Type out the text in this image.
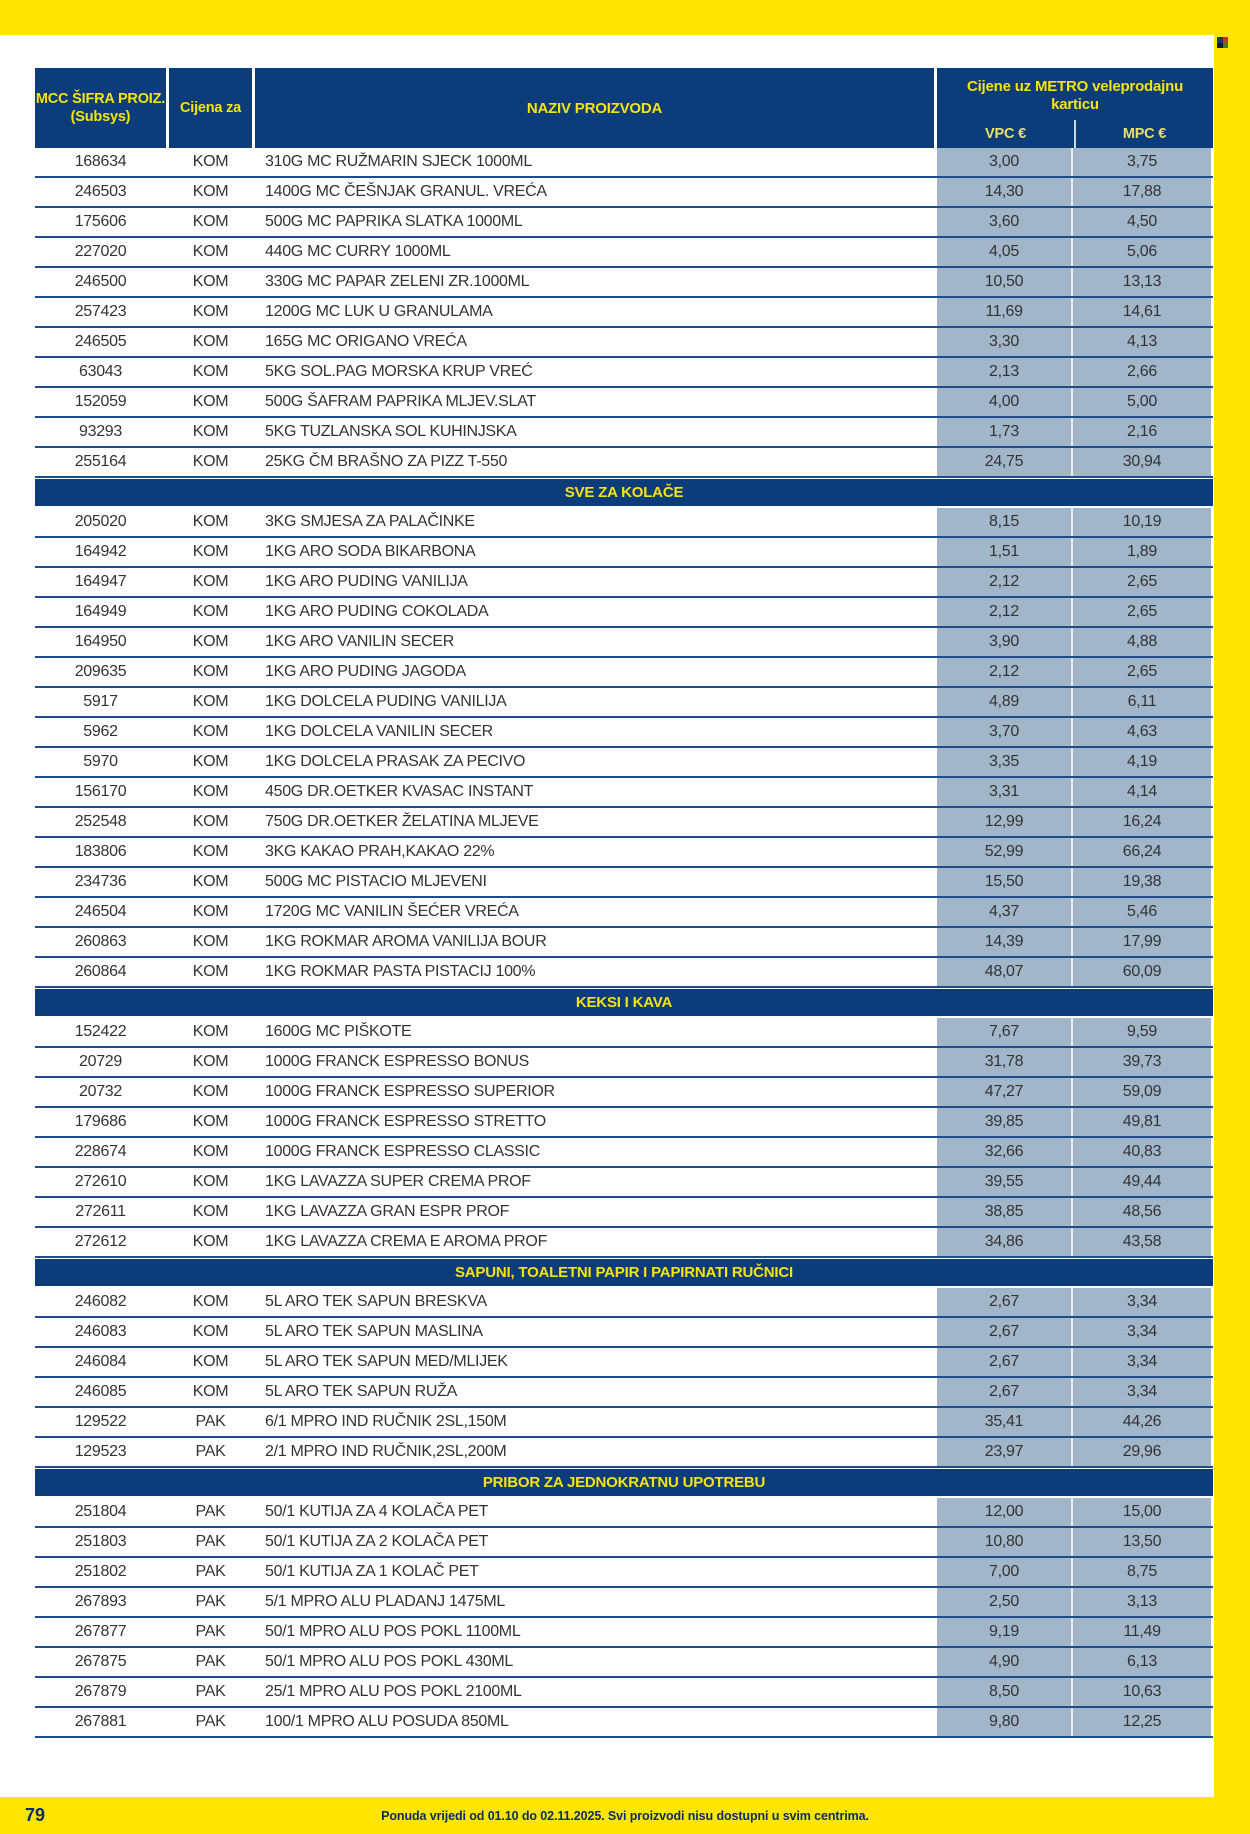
MCC ŠIFRA PROIZ.
(Subsys)
Cijena za	NAZIV PROIZVODA
Cijene uz METRO veleprodajnu karticu
VPC €	MPC €
168634	KOM	310G MC RUŽMARIN SJECK 1000ML	3,00	3,75
246503	KOM	1400G MC ČEŠNJAK GRANUL. VREĆA	14,30	17,88
175606	KOM	500G MC PAPRIKA SLATKA 1000ML	3,60	4,50
227020	KOM	440G MC CURRY 1000ML	4,05	5,06
246500	KOM	330G MC PAPAR ZELENI ZR.1000ML	10,50	13,13
257423	KOM	1200G MC LUK U GRANULAMA	11,69	14,61
246505	KOM	165G MC ORIGANO VREĆA	3,30	4,13
63043	KOM	5KG SOL.PAG MORSKA KRUP VREĆ	2,13	2,66
152059	KOM	500G ŠAFRAM PAPRIKA MLJEV.SLAT	4,00	5,00
93293	KOM	5KG TUZLANSKA SOL KUHINJSKA	1,73	2,16
255164	KOM	25KG ČM BRAŠNO ZA PIZZ T-550	24,75	30,94
SVE ZA KOLAČE
205020	KOM	3KG SMJESA ZA PALAČINKE	8,15	10,19
164942	KOM	1KG ARO SODA BIKARBONA	1,51	1,89
164947	KOM	1KG ARO PUDING VANILIJA	2,12	2,65
164949	KOM	1KG ARO PUDING COKOLADA	2,12	2,65
164950	KOM	1KG ARO VANILIN SECER	3,90	4,88
209635	KOM	1KG ARO PUDING JAGODA	2,12	2,65
5917	KOM	1KG DOLCELA PUDING VANILIJA	4,89	6,11
5962	KOM	1KG DOLCELA VANILIN SECER	3,70	4,63
5970	KOM	1KG DOLCELA PRASAK ZA PECIVO	3,35	4,19
156170	KOM	450G DR.OETKER KVASAC INSTANT	3,31	4,14
252548	KOM	750G DR.OETKER ŽELATINA MLJEVE	12,99	16,24
183806	KOM	3KG KAKAO PRAH,KAKAO 22%	52,99	66,24
234736	KOM	500G MC PISTACIO MLJEVENI	15,50	19,38
246504	KOM	1720G MC VANILIN ŠEĆER VREĆA	4,37	5,46
260863	KOM	1KG ROKMAR AROMA VANILIJA BOUR	14,39	17,99
260864	KOM	1KG ROKMAR PASTA PISTACIJ 100%	48,07	60,09
KEKSI I KAVA
152422	KOM	1600G MC PIŠKOTE	7,67	9,59
20729	KOM	1000G FRANCK ESPRESSO BONUS	31,78	39,73
20732	KOM	1000G FRANCK ESPRESSO SUPERIOR	47,27	59,09
179686	KOM	1000G FRANCK ESPRESSO STRETTO	39,85	49,81
228674	KOM	1000G FRANCK ESPRESSO CLASSIC	32,66	40,83
272610	KOM	1KG LAVAZZA SUPER CREMA PROF	39,55	49,44
272611	KOM	1KG LAVAZZA GRAN ESPR PROF	38,85	48,56
272612	KOM	1KG LAVAZZA CREMA E AROMA PROF	34,86	43,58
SAPUNI, TOALETNI PAPIR I PAPIRNATI RUČNICI
246082	KOM	5L ARO TEK SAPUN BRESKVA	2,67	3,34
246083	KOM	5L ARO TEK SAPUN MASLINA	2,67	3,34
246084	KOM	5L ARO TEK SAPUN MED/MLIJEK	2,67	3,34
246085	KOM	5L ARO TEK SAPUN RUŽA	2,67	3,34
129522	PAK	6/1 MPRO IND RUČNIK 2SL,150M	35,41	44,26
129523	PAK	2/1 MPRO IND RUČNIK,2SL,200M	23,97	29,96
PRIBOR ZA JEDNOKRATNU UPOTREBU
251804	PAK	50/1 KUTIJA ZA 4 KOLAČA PET	12,00	15,00
251803	PAK	50/1 KUTIJA ZA 2 KOLAČA PET	10,80	13,50
251802	PAK	50/1 KUTIJA ZA 1 KOLAČ PET	7,00	8,75
267893	PAK	5/1 MPRO ALU PLADANJ 1475ML	2,50	3,13
267877	PAK	50/1 MPRO ALU POS POKL 1100ML	9,19	11,49
267875	PAK	50/1 MPRO ALU POS POKL 430ML	4,90	6,13
267879	PAK	25/1 MPRO ALU POS POKL 2100ML	8,50	10,63
267881	PAK	100/1 MPRO ALU POSUDA 850ML	9,80	12,25
79	Ponuda vrijedi od 01.10 do 02.11.2025. Svi proizvodi nisu dostupni u svim centrima.
